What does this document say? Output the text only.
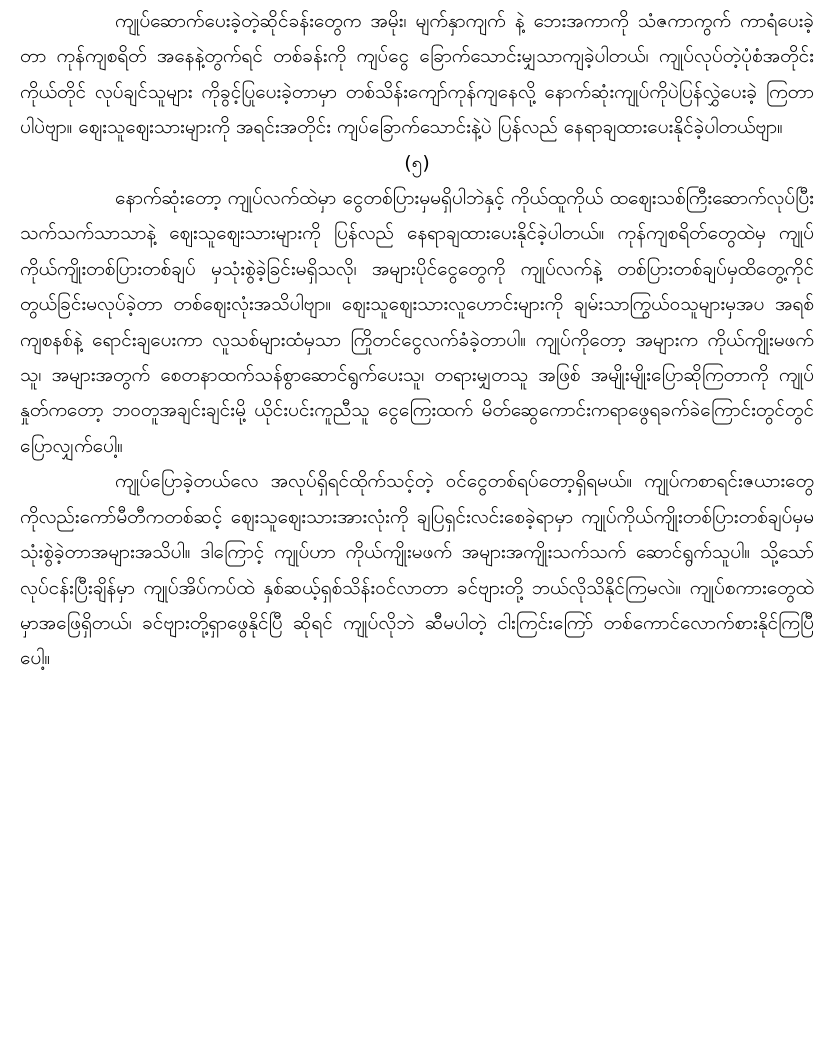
ကျုပ်ဆောက်ပေးခဲ့တဲ့ဆိုင်ခန်းတွေက အမိုး၊ မျက်နှာကျက် နဲ့ ဘေးအကာကို သံဇကာကွက် ကာရံပေးခဲ့တာ ကုန်ကျစရိတ် အနေနဲ့တွက်ရင် တစ်ခန်းကို ကျပ်ငွေ ခြောက်သောင်းမျှသာကျခဲ့ပါတယ်၊ ကျုပ်လုပ်တဲ့ပုံစံအတိုင်းကိုယ်တိုင် လုပ်ချင်သူများ ကိုခွင့်ပြုပေးခဲ့တာမှာ တစ်သိန်းကျော်ကုန်ကျနေလို့ နောက်ဆုံးကျုပ်ကိုပဲပြန်လွှဲပေးခဲ့ ကြတာပါပဲဗျာ။ ဈေးသူဈေးသားများကို အရင်းအတိုင်း ကျပ်ခြောက်သောင်းနဲ့ပဲ ပြန်လည် နေရာချထားပေးနိုင်ခဲ့ပါတယ်ဗျာ။

(၅)

နောက်ဆုံးတော့ ကျုပ်လက်ထဲမှာ ငွေတစ်ပြားမှမရှိပါဘဲနှင့် ကိုယ်ထူကိုယ် ထဈေးသစ်ကြီးဆောက်လုပ်ပြီး သက်သက်သာသာနဲ့ ဈေးသူဈေးသားများကို ပြန်လည် နေရာချထားပေးနိုင်ခဲ့ပါတယ်။ ကုန်ကျစရိတ်တွေထဲမှ ကျုပ်ကိုယ်ကျိုးတစ်ပြားတစ်ချပ် မှသုံးစွဲခဲ့ခြင်းမရှိသလို၊ အများပိုင်ငွေတွေကို ကျုပ်လက်နဲ့ တစ်ပြားတစ်ချပ်မှထိတွေ့ကိုင် တွယ်ခြင်းမလုပ်ခဲ့တာ တစ်ဈေးလုံးအသိပါဗျာ။ ဈေးသူဈေးသားလူဟောင်းများကို ချမ်းသာကြွယ်ဝသူများမှအပ အရစ်ကျစနစ်နဲ့ ရောင်းချပေးကာ လူသစ်များထံမှသာ ကြိုတင်ငွေလက်ခံခဲ့တာပါ။ ကျုပ်ကိုတော့ အများက ကိုယ်ကျိုးမဖက်သူ၊ အများအတွက် စေတနာထက်သန်စွာဆောင်ရွက်ပေးသူ၊ တရားမျှတသူ အဖြစ် အမျိုးမျိုးပြောဆိုကြတာကို ကျုပ်နှုတ်ကတော့ ဘဝတူအချင်းချင်းမို့ ယိုင်းပင်းကူညီသူ ငွေကြေးထက် မိတ်ဆွေကောင်းကရာဖွေရခက်ခဲကြောင်းတွင်တွင်ပြောလျှက်ပေါ့။

ကျုပ်ပြောခဲ့တယ်လေ အလုပ်ရှိရင်ထိုက်သင့်တဲ့ ဝင်ငွေတစ်ရပ်တော့ရှိရမယ်။ ကျုပ်ကစာရင်းဇယားတွေကိုလည်းကော်မီတီကတစ်ဆင့် ဈေးသူဈေးသားအားလုံးကို ချပြရှင်းလင်းစေခဲ့ရာမှာ ကျုပ်ကိုယ်ကျိုးတစ်ပြားတစ်ချပ်မှမသုံးစွဲခဲ့တာအများအသိပါ။ ဒါကြောင့် ကျုပ်ဟာ ကိုယ်ကျိုးမဖက် အများအကျိုးသက်သက် ဆောင်ရွက်သူပါ။ သို့သော် လုပ်ငန်းပြီးချိန်မှာ ကျုပ်အိပ်ကပ်ထဲ နှစ်ဆယ့်ရှစ်သိန်းဝင်လာတာ ခင်ဗျားတို့ ဘယ်လိုသိနိုင်ကြမလဲ။ ကျုပ်စကားတွေထဲမှာအဖြေရှိတယ်၊ ခင်ဗျားတို့ရှာဖွေနိုင်ပြီ ဆိုရင် ကျုပ်လိုဘဲ ဆီမပါတဲ့ ငါးကြင်းကြော် တစ်ကောင်လောက်စားနိုင်ကြပြီပေါ့။
